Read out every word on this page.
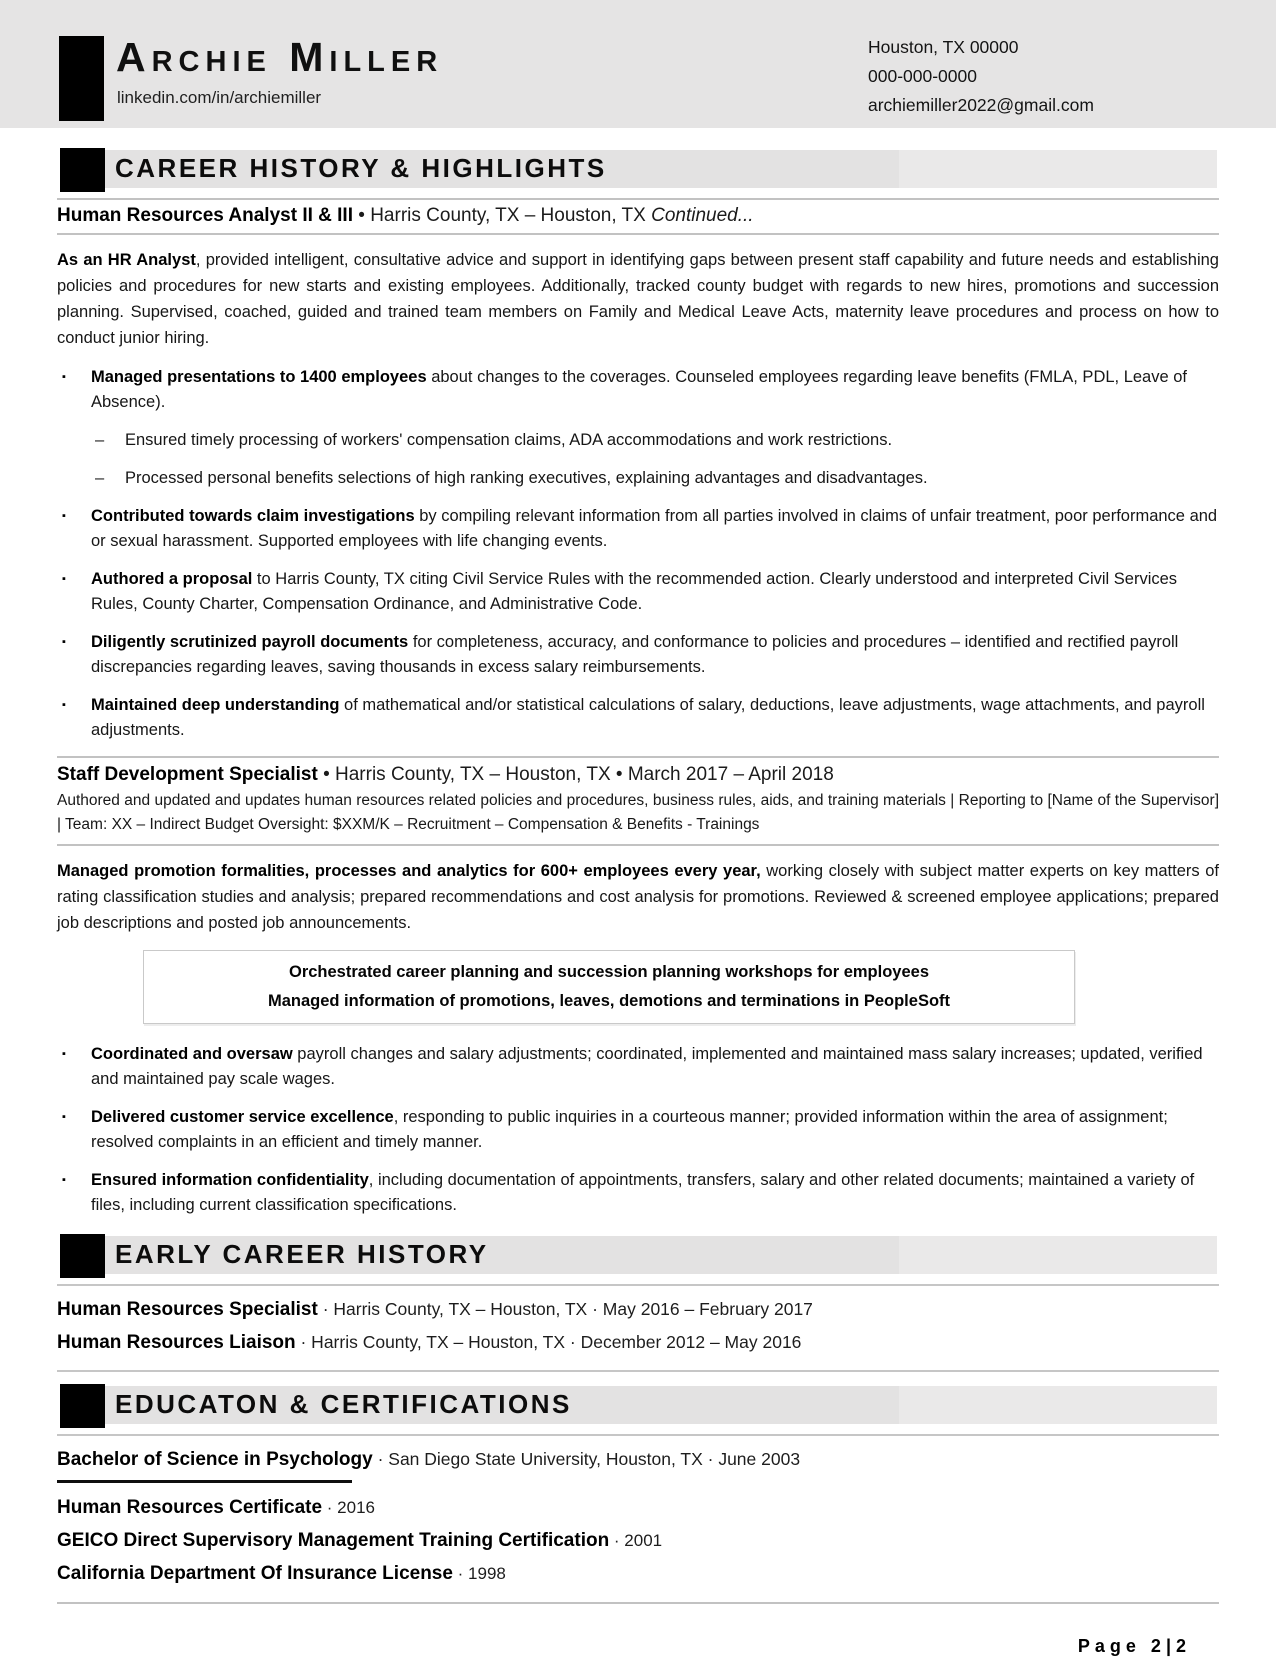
Archie Miller
linkedin.com/in/archiemiller
Houston, TX 00000
000-000-0000
archiemiller2022@gmail.com
CAREER HISTORY & HIGHLIGHTS
Human Resources Analyst II & III • Harris County, TX – Houston, TX Continued...

As an HR Analyst, provided intelligent, consultative advice and support in identifying gaps between present staff capability and future needs and establishing policies and procedures for new starts and existing employees. Additionally, tracked county budget with regards to new hires, promotions and succession planning. Supervised, coached, guided and trained team members on Family and Medical Leave Acts, maternity leave procedures and process on how to conduct junior hiring.

▪	Managed presentations to 1400 employees about changes to the coverages. Counseled employees regarding leave benefits (FMLA, PDL, Leave of Absence).
–	Ensured timely processing of workers' compensation claims, ADA accommodations and work restrictions.
–	Processed personal benefits selections of high ranking executives, explaining advantages and disadvantages.
▪	Contributed towards claim investigations by compiling relevant information from all parties involved in claims of unfair treatment, poor performance and or sexual harassment. Supported employees with life changing events.
▪	Authored a proposal to Harris County, TX citing Civil Service Rules with the recommended action. Clearly understood and interpreted Civil Services Rules, County Charter, Compensation Ordinance, and Administrative Code.
▪	Diligently scrutinized payroll documents for completeness, accuracy, and conformance to policies and procedures – identified and rectified payroll discrepancies regarding leaves, saving thousands in excess salary reimbursements.
▪	Maintained deep understanding of mathematical and/or statistical calculations of salary, deductions, leave adjustments, wage attachments, and payroll adjustments.
Staff Development Specialist • Harris County, TX – Houston, TX • March 2017 – April 2018
Authored and updated and updates human resources related policies and procedures, business rules, aids, and training materials | Reporting to [Name of the Supervisor] | Team: XX – Indirect Budget Oversight: $XXM/K – Recruitment – Compensation & Benefits - Trainings

Managed promotion formalities, processes and analytics for 600+ employees every year, working closely with subject matter experts on key matters of rating classification studies and analysis; prepared recommendations and cost analysis for promotions. Reviewed & screened employee applications; prepared job descriptions and posted job announcements.

Orchestrated career planning and succession planning workshops for employees
Managed information of promotions, leaves, demotions and terminations in PeopleSoft
▪	Coordinated and oversaw payroll changes and salary adjustments; coordinated, implemented and maintained mass salary increases; updated, verified and maintained pay scale wages.
▪	Delivered customer service excellence, responding to public inquiries in a courteous manner; provided information within the area of assignment; resolved complaints in an efficient and timely manner.
▪	Ensured information confidentiality, including documentation of appointments, transfers, salary and other related documents; maintained a variety of files, including current classification specifications.
EARLY CAREER HISTORY
Human Resources Specialist · Harris County, TX – Houston, TX · May 2016 – February 2017
Human Resources Liaison · Harris County, TX – Houston, TX · December 2012 – May 2016
EDUCATON & CERTIFICATIONS
Bachelor of Science in Psychology · San Diego State University, Houston, TX · June 2003
Human Resources Certificate · 2016
GEICO Direct Supervisory Management Training Certification · 2001
California Department Of Insurance License · 1998
Page 2|2
